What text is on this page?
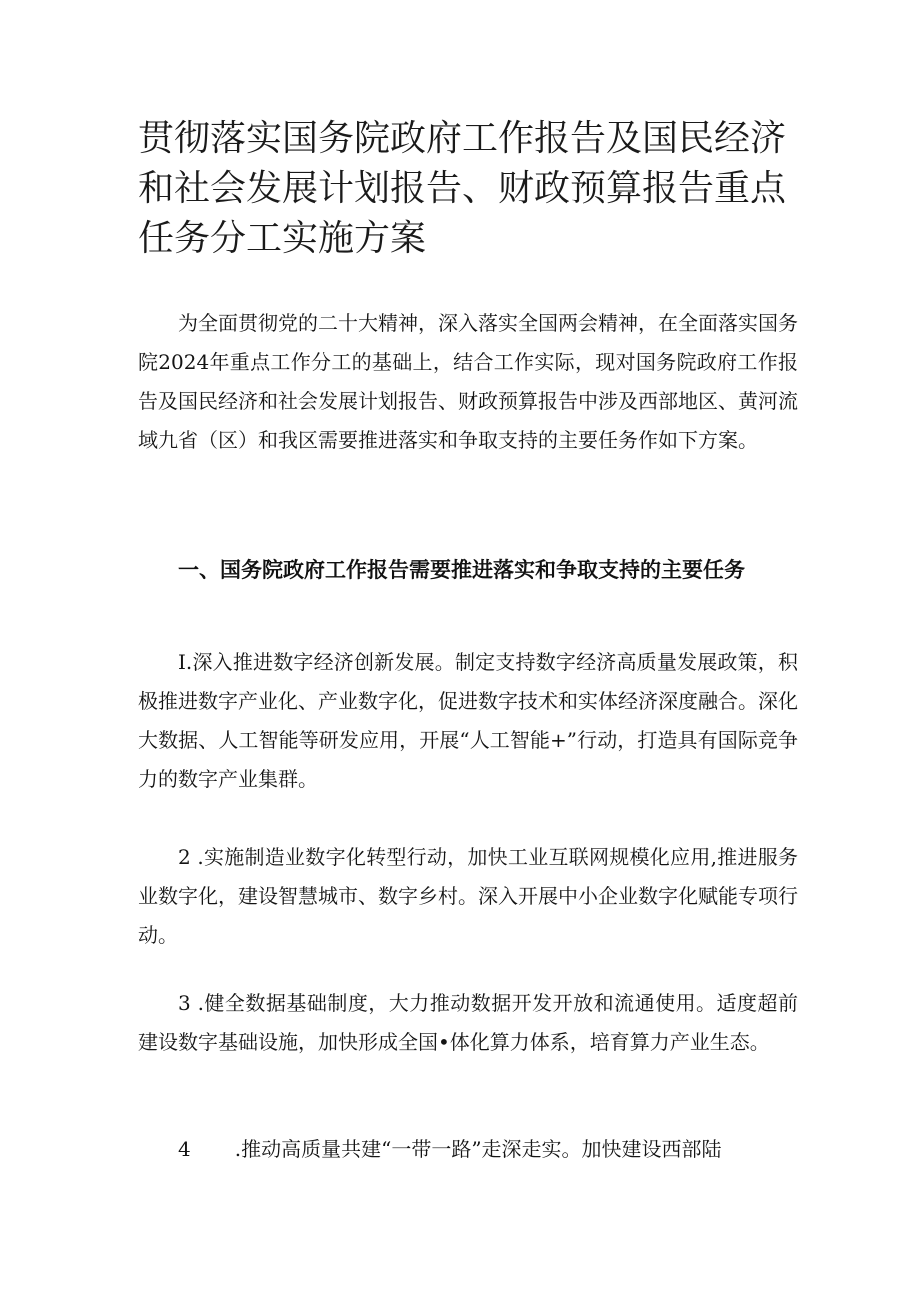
贯彻落实国务院政府工作报告及国民经济和社会发展计划报告、财政预算报告重点任务分工实施方案

为全面贯彻党的二十大精神，深入落实全国两会精神，在全面落实国务院2024年重点工作分工的基础上，结合工作实际，现对国务院政府工作报告及国民经济和社会发展计划报告、财政预算报告中涉及西部地区、黄河流域九省（区）和我区需要推进落实和争取支持的主要任务作如下方案。

一、国务院政府工作报告需要推进落实和争取支持的主要任务

I.深入推进数字经济创新发展。制定支持数字经济高质量发展政策，积极推进数字产业化、产业数字化，促进数字技术和实体经济深度融合。深化大数据、人工智能等研发应用，开展“人工智能+”行动，打造具有国际竞争力的数字产业集群。

2 .实施制造业数字化转型行动，加快工业互联网规模化应用,推进服务业数字化，建设智慧城市、数字乡村。深入开展中小企业数字化赋能专项行动。

3 .健全数据基础制度，大力推动数据开发开放和流通使用。适度超前建设数字基础设施，加快形成全国•体化算力体系，培育算力产业生态。

4 .推动高质量共建“一带一路”走深走实。加快建设西部陆
